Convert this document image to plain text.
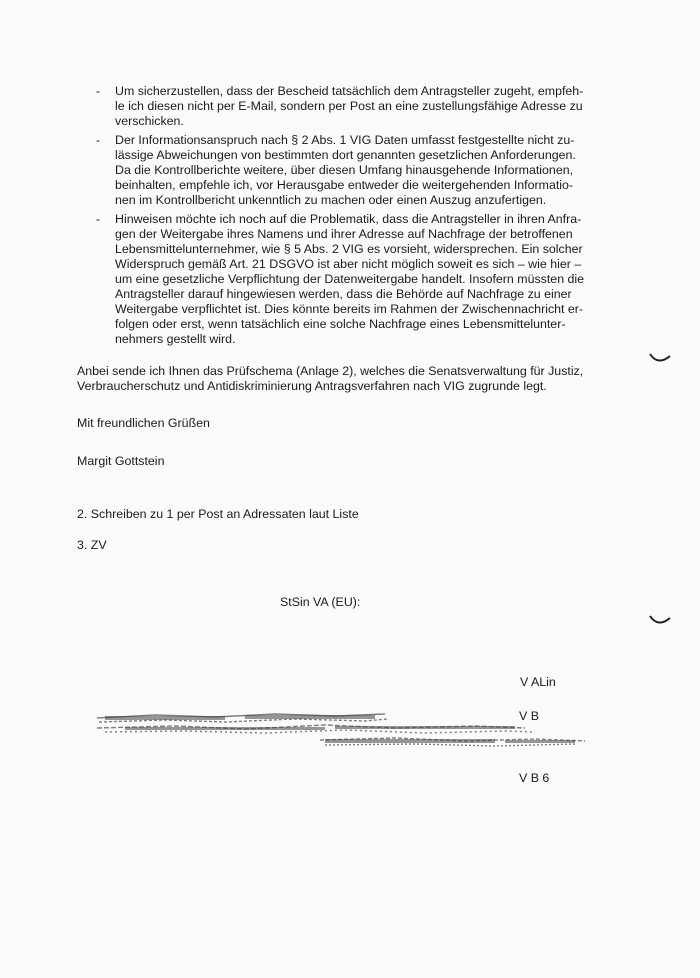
- Um sicherzustellen, dass der Bescheid tatsächlich dem Antragsteller zugeht, empfeh-
le ich diesen nicht per E-Mail, sondern per Post an eine zustellungsfähige Adresse zu
verschicken.
- Der Informationsanspruch nach § 2 Abs. 1 VIG Daten umfasst festgestellte nicht zu-
lässige Abweichungen von bestimmten dort genannten gesetzlichen Anforderungen.
Da die Kontrollberichte weitere, über diesen Umfang hinausgehende Informationen,
beinhalten, empfehle ich, vor Herausgabe entweder die weitergehenden Informatio-
nen im Kontrollbericht unkenntlich zu machen oder einen Auszug anzufertigen.
- Hinweisen möchte ich noch auf die Problematik, dass die Antragsteller in ihren Anfra-
gen der Weitergabe ihres Namens und ihrer Adresse auf Nachfrage der betroffenen
Lebensmittelunternehmer, wie § 5 Abs. 2 VIG es vorsieht, widersprechen. Ein solcher
Widerspruch gemäß Art. 21 DSGVO ist aber nicht möglich soweit es sich – wie hier –
um eine gesetzliche Verpflichtung der Datenweitergabe handelt. Insofern müssten die
Antragsteller darauf hingewiesen werden, dass die Behörde auf Nachfrage zu einer
Weitergabe verpflichtet ist. Dies könnte bereits im Rahmen der Zwischennachricht er-
folgen oder erst, wenn tatsächlich eine solche Nachfrage eines Lebensmittelunter-
nehmers gestellt wird.
Anbei sende ich Ihnen das Prüfschema (Anlage 2), welches die Senatsverwaltung für Justiz,
Verbraucherschutz und Antidiskriminierung Antragsverfahren nach VIG zugrunde legt.
Mit freundlichen Grüßen
Margit Gottstein
2. Schreiben zu 1 per Post an Adressaten laut Liste
3. ZV
StSin VA (EU):
V ALin
V B
V B 6
